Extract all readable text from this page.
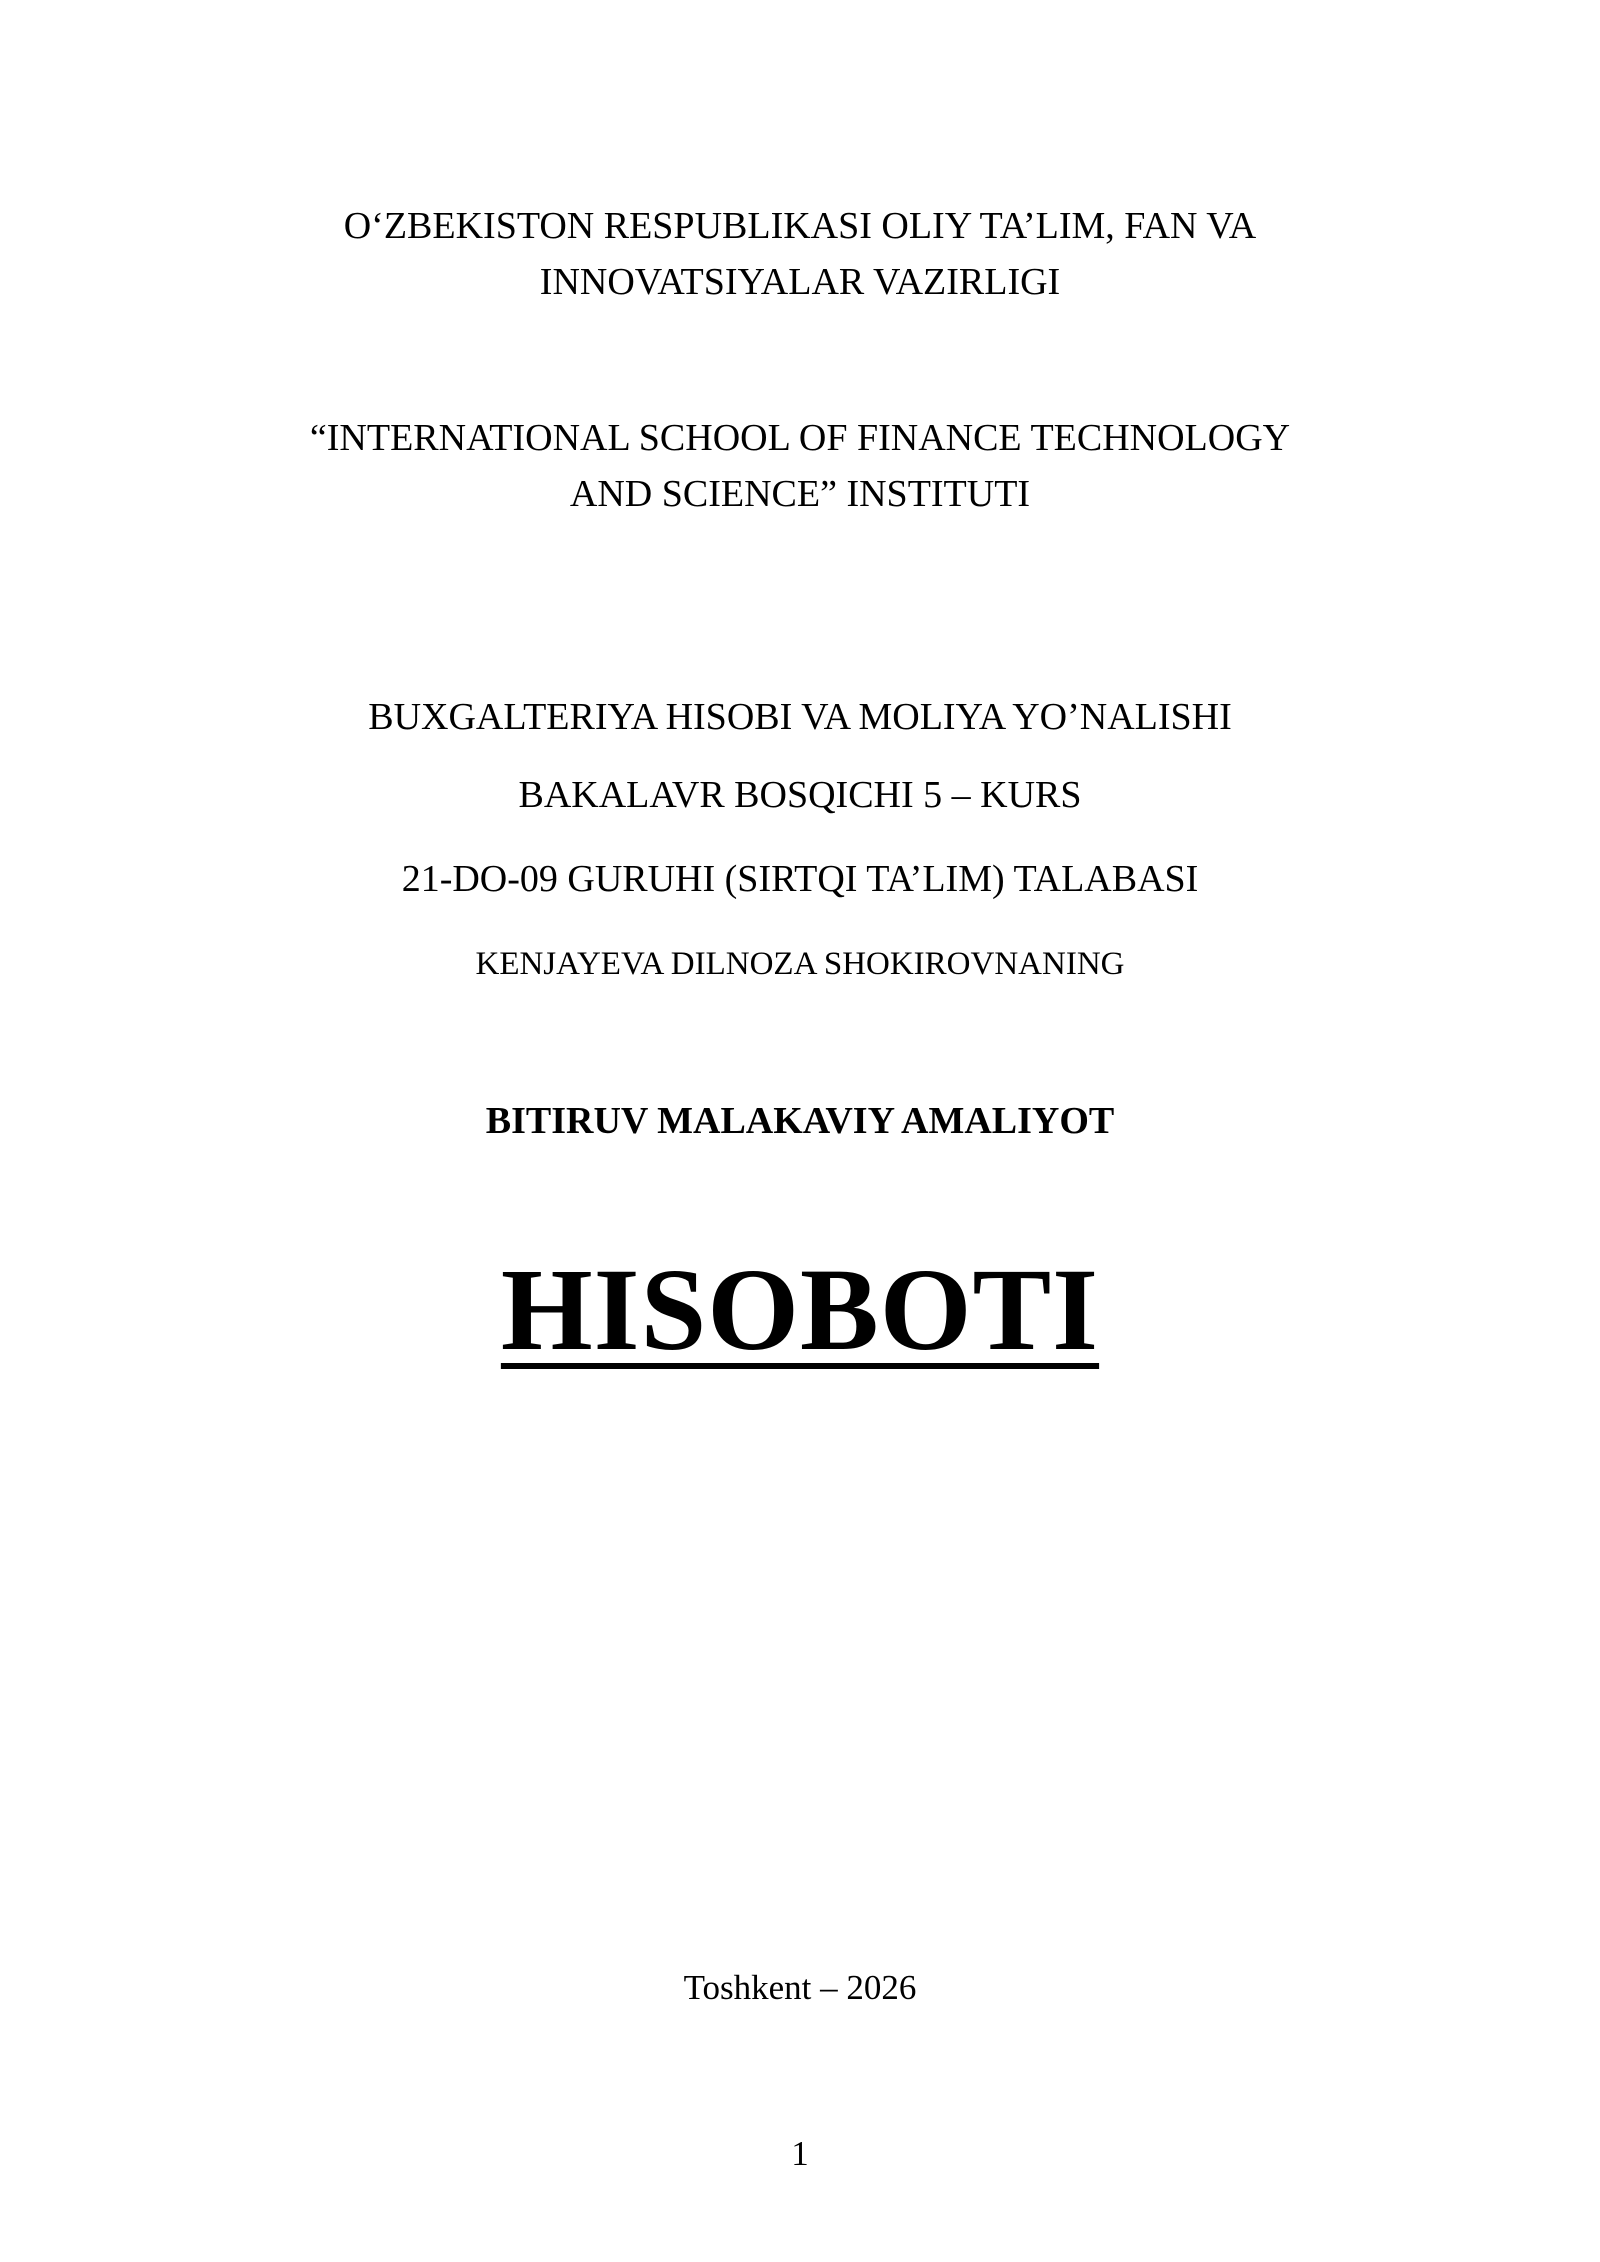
O‘ZBEKISTON RESPUBLIKASI OLIY TA’LIM, FAN VA
INNOVATSIYALAR VAZIRLIGI
“INTERNATIONAL SCHOOL OF FINANCE TECHNOLOGY
AND SCIENCE” INSTITUTI
BUXGALTERIYA HISOBI VA MOLIYA YO’NALISHI
BAKALAVR BOSQICHI 5 – KURS
21-DO-09 GURUHI (SIRTQI TA’LIM) TALABASI
KENJAYEVA DILNOZA SHOKIROVNANING
BITIRUV MALAKAVIY AMALIYOT
HISOBOTI
Toshkent – 2026
1
